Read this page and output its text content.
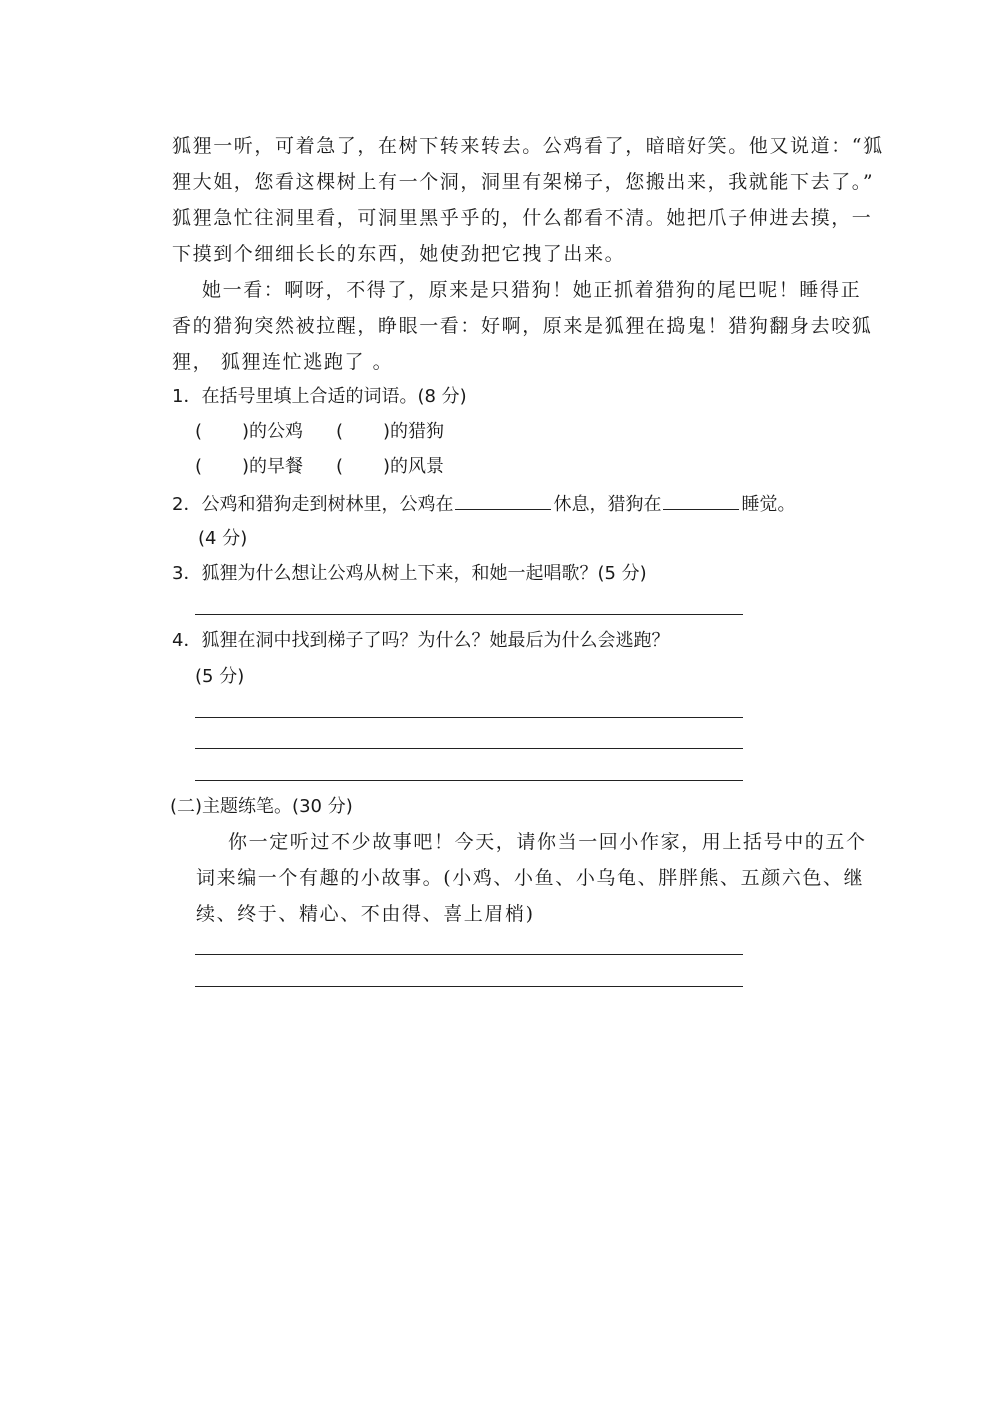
狐狸一听，可着急了，在树下转来转去。公鸡看了，暗暗好笑。他又说道：“狐
狸大姐，您看这棵树上有一个洞，洞里有架梯子，您搬出来，我就能下去了。”
狐狸急忙往洞里看，可洞里黑乎乎的，什么都看不清。她把爪子伸进去摸，一
下摸到个细细长长的东西，她使劲把它拽了出来。
她一看：啊呀，不得了，原来是只猎狗！她正抓着猎狗的尾巴呢！睡得正
香的猎狗突然被拉醒，睁眼一看：好啊，原来是狐狸在捣鬼！猎狗翻身去咬狐
狸， 狐狸连忙逃跑了 。
1．在括号里填上合适的词语。(8 分)
( )的公鸡 ( )的猎狗
( )的早餐 ( )的风景
2．公鸡和猎狗走到树林里，公鸡在	休息，猎狗在	睡觉。
(4 分)
3．狐狸为什么想让公鸡从树上下来，和她一起唱歌？(5 分)
4．狐狸在洞中找到梯子了吗？为什么？她最后为什么会逃跑？
(5 分)
(二)主题练笔。(30 分)
你一定听过不少故事吧！今天，请你当一回小作家，用上括号中的五个
词来编一个有趣的小故事。(小鸡、小鱼、小乌龟、胖胖熊、五颜六色、继
续、终于、精心、不由得、喜上眉梢)
